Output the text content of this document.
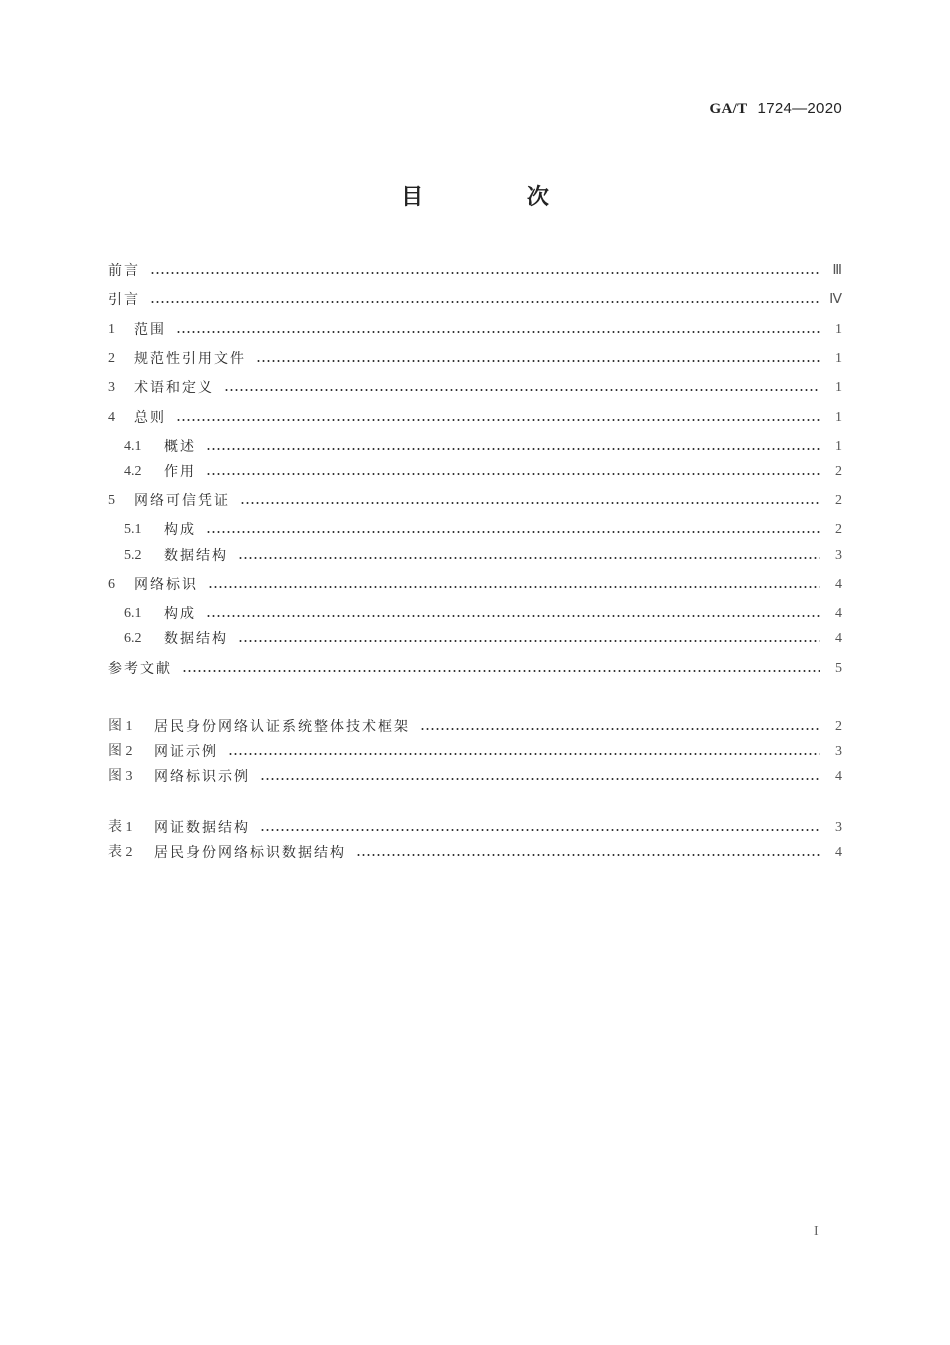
GA/T 1724—2020
目 次
前言	Ⅲ
引言	Ⅳ
1	范围	1
2	规范性引用文件	1
3	术语和定义	1
4	总则	1
4.1	概述	1
4.2	作用	2
5	网络可信凭证	2
5.1	构成	2
5.2	数据结构	3
6	网络标识	4
6.1	构成	4
6.2	数据结构	4
参考文献	5
图 1	居民身份网络认证系统整体技术框架	2
图 2	网证示例	3
图 3	网络标识示例	4
表 1	网证数据结构	3
表 2	居民身份网络标识数据结构	4
I
